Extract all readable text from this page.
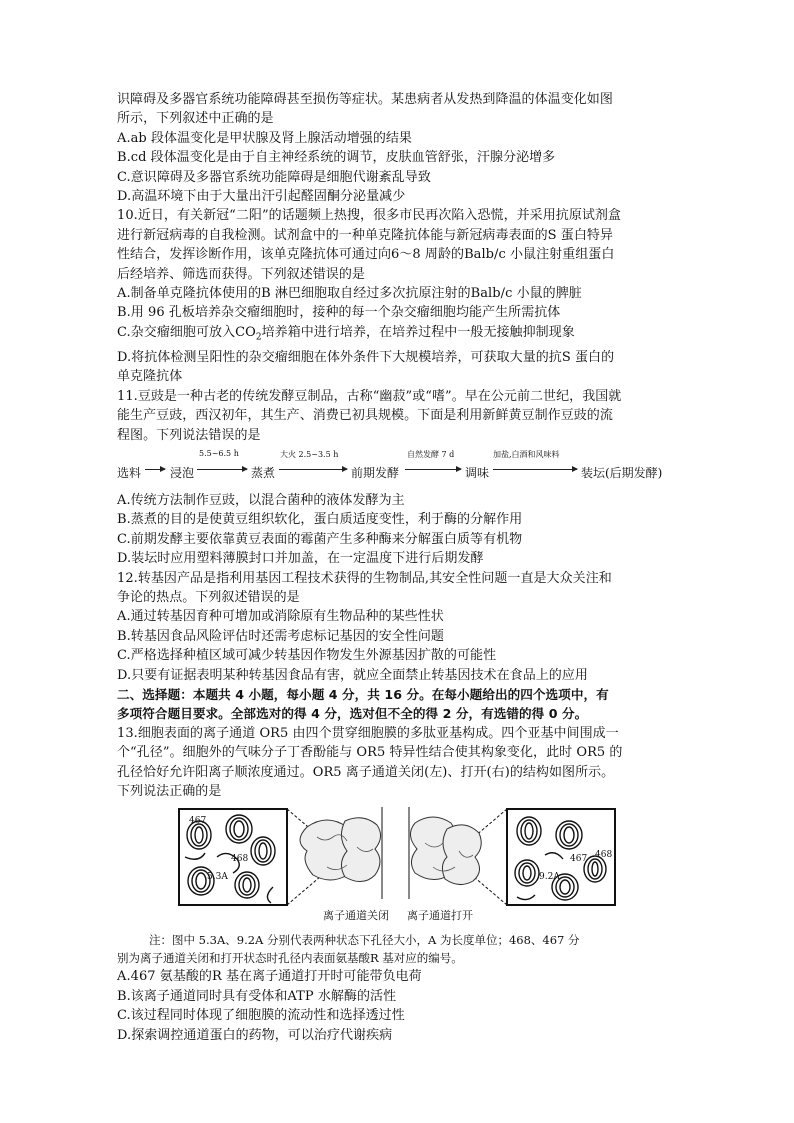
识障碍及多器官系统功能障碍甚至损伤等症状。某患病者从发热到降温的体温变化如图
所示，下列叙述中正确的是
A.ab 段体温变化是甲状腺及肾上腺活动增强的结果
B.cd 段体温变化是由于自主神经系统的调节，皮肤血管舒张，汗腺分泌增多
C.意识障碍及多器官系统功能障碍是细胞代谢紊乱导致
D.高温环境下由于大量出汗引起醛固酮分泌量减少
10.近日，有关新冠“二阳”的话题频上热搜，很多市民再次陷入恐慌，并采用抗原试剂盒
进行新冠病毒的自我检测。试剂盒中的一种单克隆抗体能与新冠病毒表面的S 蛋白特异
性结合，发挥诊断作用，该单克隆抗体可通过向6～8 周龄的Balb/c 小鼠注射重组蛋白
后经培养、筛选而获得。下列叙述错误的是
A.制备单克隆抗体使用的B 淋巴细胞取自经过多次抗原注射的Balb/c 小鼠的脾脏
B.用 96 孔板培养杂交瘤细胞时，接种的每一个杂交瘤细胞均能产生所需抗体
C.杂交瘤细胞可放入$CO_2$培养箱中进行培养，在培养过程中一般无接触抑制现象
D.将抗体检测呈阳性的杂交瘤细胞在体外条件下大规模培养，可获取大量的抗S 蛋白的
单克隆抗体
11.豆豉是一种古老的传统发酵豆制品，古称“幽菽”或“嗜”。早在公元前二世纪，我国就
能生产豆豉，西汉初年，其生产、消费已初具规模。下面是利用新鲜黄豆制作豆豉的流
程图。下列说法错误的是
选料 浸泡
5.5~6.5 h
蒸煮
大火 2.5~3.5 h
前期发酵
自然发酵 7 d
调味
加盐,白酒和风味料
装坛(后期发酵)
A.传统方法制作豆豉，以混合菌种的液体发酵为主
B.蒸煮的目的是使黄豆组织软化，蛋白质适度变性，利于酶的分解作用
C.前期发酵主要依靠黄豆表面的霉菌产生多种酶来分解蛋白质等有机物
D.装坛时应用塑料薄膜封口并加盖，在一定温度下进行后期发酵
12.转基因产品是指利用基因工程技术获得的生物制品,其安全性问题一直是大众关注和
争论的热点。下列叙述错误的是
A.通过转基因育种可增加或消除原有生物品种的某些性状
B.转基因食品风险评估时还需考虑标记基因的安全性问题
C.严格选择种植区域可减少转基因作物发生外源基因扩散的可能性
D.只要有证据表明某种转基因食品有害，就应全面禁止转基因技术在食品上的应用
二、选择题：本题共 4 小题，每小题 4 分，共 16 分。在每小题给出的四个选项中，有
多项符合题目要求。全部选对的得 4 分，选对但不全的得 2 分，有选错的得 0 分。
13.细胞表面的离子通道 OR5 由四个贯穿细胞膜的多肽亚基构成。四个亚基中间围成一
个“孔径”。细胞外的气味分子丁香酚能与 OR5 特异性结合使其构象变化，此时 OR5 的
孔径恰好允许阳离子顺浓度通过。OR5 离子通道关闭(左)、打开(右)的结构如图所示。
下列说法正确的是
467
468
5.3A
467 468
9.2A
离子通道关闭 离子通道打开
注：图中 5.3A、9.2A 分别代表两种状态下孔径大小，A 为长度单位；468、467 分
别为离子通道关闭和打开状态时孔径内表面氨基酸R 基对应的编号。
A.467 氨基酸的R 基在离子通道打开时可能带负电荷
B.该离子通道同时具有受体和ATP 水解酶的活性
C.该过程同时体现了细胞膜的流动性和选择透过性
D.探索调控通道蛋白的药物，可以治疗代谢疾病
